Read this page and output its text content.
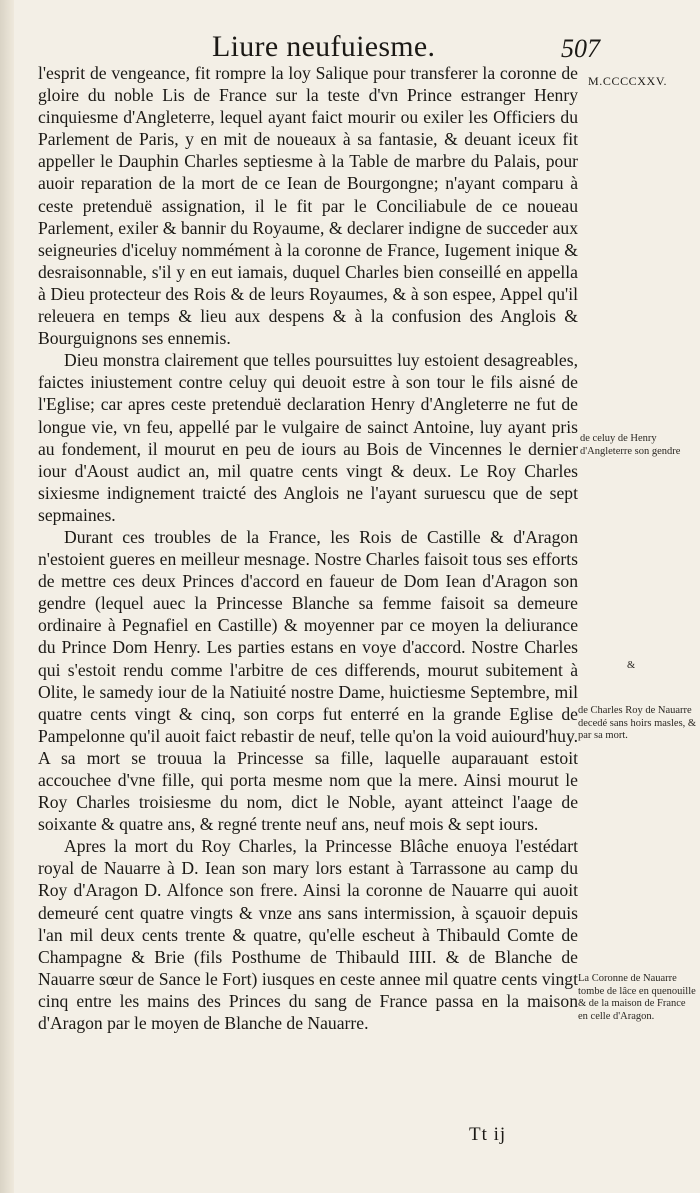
Liure neufuiesme.	507
M.CCCCXXV.

l'esprit de vengeance, fit rompre la loy Salique pour transferer la coronne de gloire du noble Lis de France sur la teste d'vn Prince estranger Henry cinquiesme d'Angleterre, lequel ayant faict mourir ou exiler les Officiers du Parlement de Paris, y en mit de noueaux à sa fantasie, & deuant iceux fit appeller le Dauphin Charles septiesme à la Table de marbre du Palais, pour auoir reparation de la mort de ce Iean de Bourgongne; n'ayant comparu à ceste pretenduë assignation, il le fit par le Conciliabule de ce noueau Parlement, exiler & bannir du Royaume, & declarer indigne de succeder aux seigneuries d'iceluy nommément à la coronne de France, Iugement inique & desraisonnable, s'il y en eut iamais, duquel Charles bien conseillé en appella à Dieu protecteur des Rois & de leurs Royaumes, & à son espee, Appel qu'il releuera en temps & lieu aux despens & à la confusion des Anglois & Bourguignons ses ennemis.

Dieu monstra clairement que telles poursuittes luy estoient desagreables, faictes iniustement contre celuy qui deuoit estre à son tour le fils aisné de l'Eglise; car apres ceste pretenduë declaration Henry d'Angleterre ne fut de longue vie, vn feu, appellé par le vulgaire de sainct Antoine, luy ayant pris au fondement, il mourut en peu de iours au Bois de Vincennes le dernier iour d'Aoust audict an, mil quatre cents vingt & deux. Le Roy Charles sixiesme indignement traicté des Anglois ne l'ayant suruescu que de sept sepmaines.

Durant ces troubles de la France, les Rois de Castille & d'Aragon n'estoient gueres en meilleur mesnage. Nostre Charles faisoit tous ses efforts de mettre ces deux Princes d'accord en faueur de Dom Iean d'Aragon son gendre (lequel auec la Princesse Blanche sa femme faisoit sa demeure ordinaire à Pegnafiel en Castille) & moyenner par ce moyen la deliurance du Prince Dom Henry. Les parties estans en voye d'accord. Nostre Charles qui s'estoit rendu comme l'arbitre de ces differends, mourut subitement à Olite, le samedy iour de la Natiuité nostre Dame, huictiesme Septembre, mil quatre cents vingt & cinq, son corps fut enterré en la grande Eglise de Pampelonne qu'il auoit faict rebastir de neuf, telle qu'on la void auiourd'huy. A sa mort se trouua la Princesse sa fille, laquelle auparauant estoit accouchee d'vne fille, qui porta mesme nom que la mere. Ainsi mourut le Roy Charles troisiesme du nom, dict le Noble, ayant atteinct l'aage de soixante & quatre ans, & regné trente neuf ans, neuf mois & sept iours.

Apres la mort du Roy Charles, la Princesse Blâche enuoya l'estédart royal de Nauarre à D. Iean son mary lors estant à Tarrassone au camp du Roy d'Aragon D. Alfonce son frere. Ainsi la coronne de Nauarre qui auoit demeuré cent quatre vingts & vnze ans sans intermission, à sçauoir depuis l'an mil deux cents trente & quatre, qu'elle escheut à Thibauld Comte de Champagne & Brie (fils Posthume de Thibauld IIII. & de Blanche de Nauarre sœur de Sance le Fort) iusques en ceste annee mil quatre cents vingt cinq entre les mains des Princes du sang de France passa en la maison d'Aragon par le moyen de Blanche de Nauarre.

de celuy de Henry d'Angleterre son gendre
&
de Charles Roy de Nauarre decedé sans hoirs masles, & par sa mort.
La Coronne de Nauarre tombe de lâce en quenouille & de la maison de France en celle d'Aragon.
Tt ij
